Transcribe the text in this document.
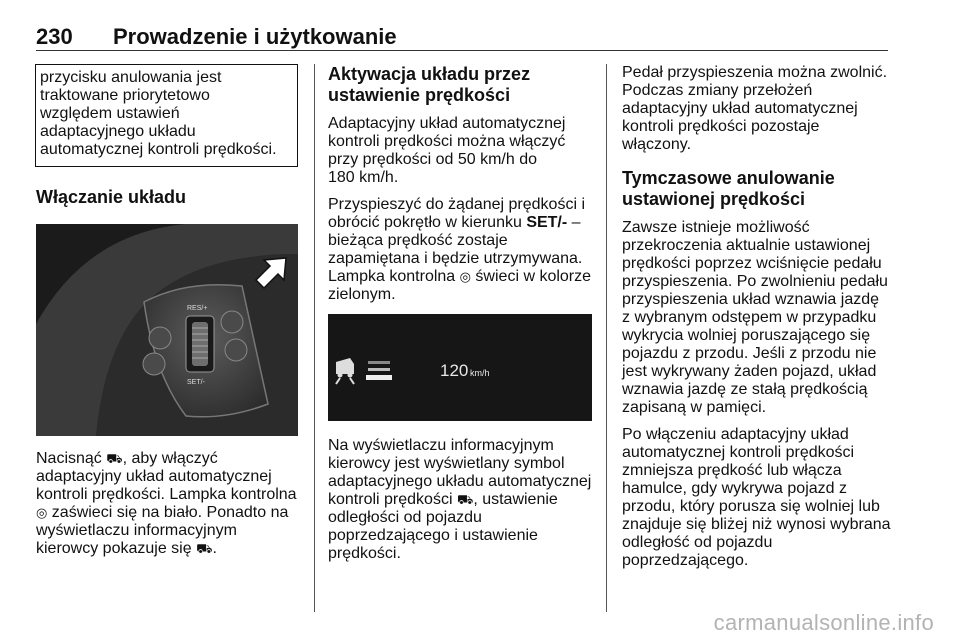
230 Prowadzenie i użytkowanie

przycisku anulowania jest

traktowane priorytetowo

względem ustawień

adaptacyjnego układu

automatycznej kontroli prędkości.

Włączanie układu
RES/+
SET/-

Nacisnąć ⛟, aby włączyć

adaptacyjny układ automatycznej

kontroli prędkości. Lampka kontrolna

◎ zaświeci się na biało. Ponadto na

wyświetlaczu informacyjnym

kierowcy pokazuje się ⛟.

Aktywacja układu przez
ustawienie prędkości

Adaptacyjny układ automatycznej

kontroli prędkości można włączyć

przy prędkości od 50 km/h do

180 km/h.

Przyspieszyć do żądanej prędkości i

obrócić pokrętło w kierunku SET/- –

bieżąca prędkość zostaje

zapamiętana i będzie utrzymywana.

Lampka kontrolna ◎ świeci w kolorze

zielonym.

120 km/h

Na wyświetlaczu informacyjnym

kierowcy jest wyświetlany symbol

adaptacyjnego układu automatycznej

kontroli prędkości ⛟, ustawienie

odległości od pojazdu

poprzedzającego i ustawienie

prędkości.

Pedał przyspieszenia można zwolnić.

Podczas zmiany przełożeń

adaptacyjny układ automatycznej

kontroli prędkości pozostaje

włączony.

Tymczasowe anulowanie
ustawionej prędkości

Zawsze istnieje możliwość

przekroczenia aktualnie ustawionej

prędkości poprzez wciśnięcie pedału

przyspieszenia. Po zwolnieniu pedału

przyspieszenia układ wznawia jazdę

z wybranym odstępem w przypadku

wykrycia wolniej poruszającego się

pojazdu z przodu. Jeśli z przodu nie

jest wykrywany żaden pojazd, układ

wznawia jazdę ze stałą prędkością

zapisaną w pamięci.

Po włączeniu adaptacyjny układ

automatycznej kontroli prędkości

zmniejsza prędkość lub włącza

hamulce, gdy wykrywa pojazd z

przodu, który porusza się wolniej lub

znajduje się bliżej niż wynosi wybrana

odległość od pojazdu

poprzedzającego.

carmanualsonline.info
